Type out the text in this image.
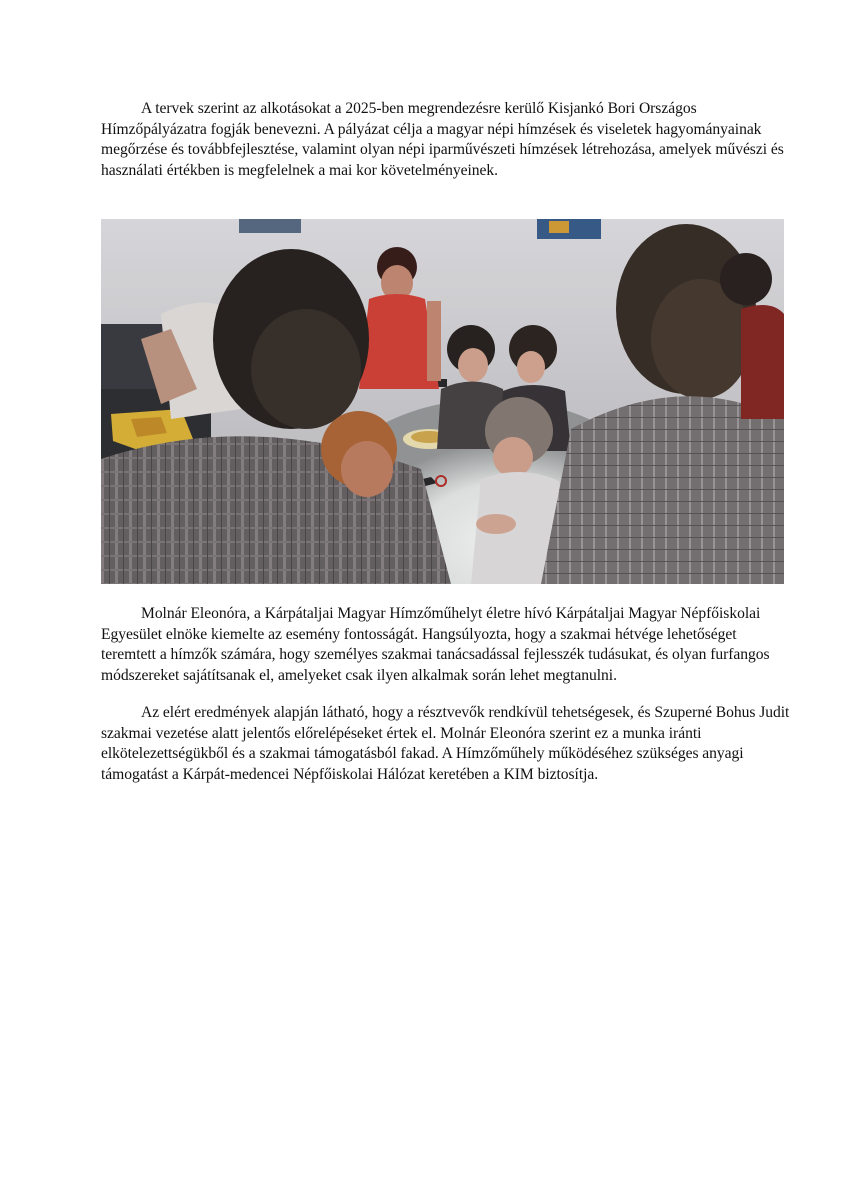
A tervek szerint az alkotásokat a 2025-ben megrendezésre kerülő Kisjankó Bori Országos Hímzőpályázatra fogják benevezni. A pályázat célja a magyar népi hímzések és viseletek hagyományainak megőrzése és továbbfejlesztése, valamint olyan népi iparművészeti hímzések létrehozása, amelyek művészi és használati értékben is megfelelnek a mai kor követelményeinek.

Molnár Eleonóra, a Kárpátaljai Magyar Hímzőműhelyt életre hívó Kárpátaljai Magyar Népfőiskolai Egyesület elnöke kiemelte az esemény fontosságát. Hangsúlyozta, hogy a szakmai hétvége lehetőséget teremtett a hímzők számára, hogy személyes szakmai tanácsadással fejlesszék tudásukat, és olyan furfangos módszereket sajátítsanak el, amelyeket csak ilyen alkalmak során lehet megtanulni.

Az elért eredmények alapján látható, hogy a résztvevők rendkívül tehetségesek, és Szuperné Bohus Judit szakmai vezetése alatt jelentős előrelépéseket értek el. Molnár Eleonóra szerint ez a munka iránti elkötelezettségükből és a szakmai támogatásból fakad. A Hímzőműhely működéséhez szükséges anyagi támogatást a Kárpát-medencei Népfőiskolai Hálózat keretében a KIM biztosítja.
